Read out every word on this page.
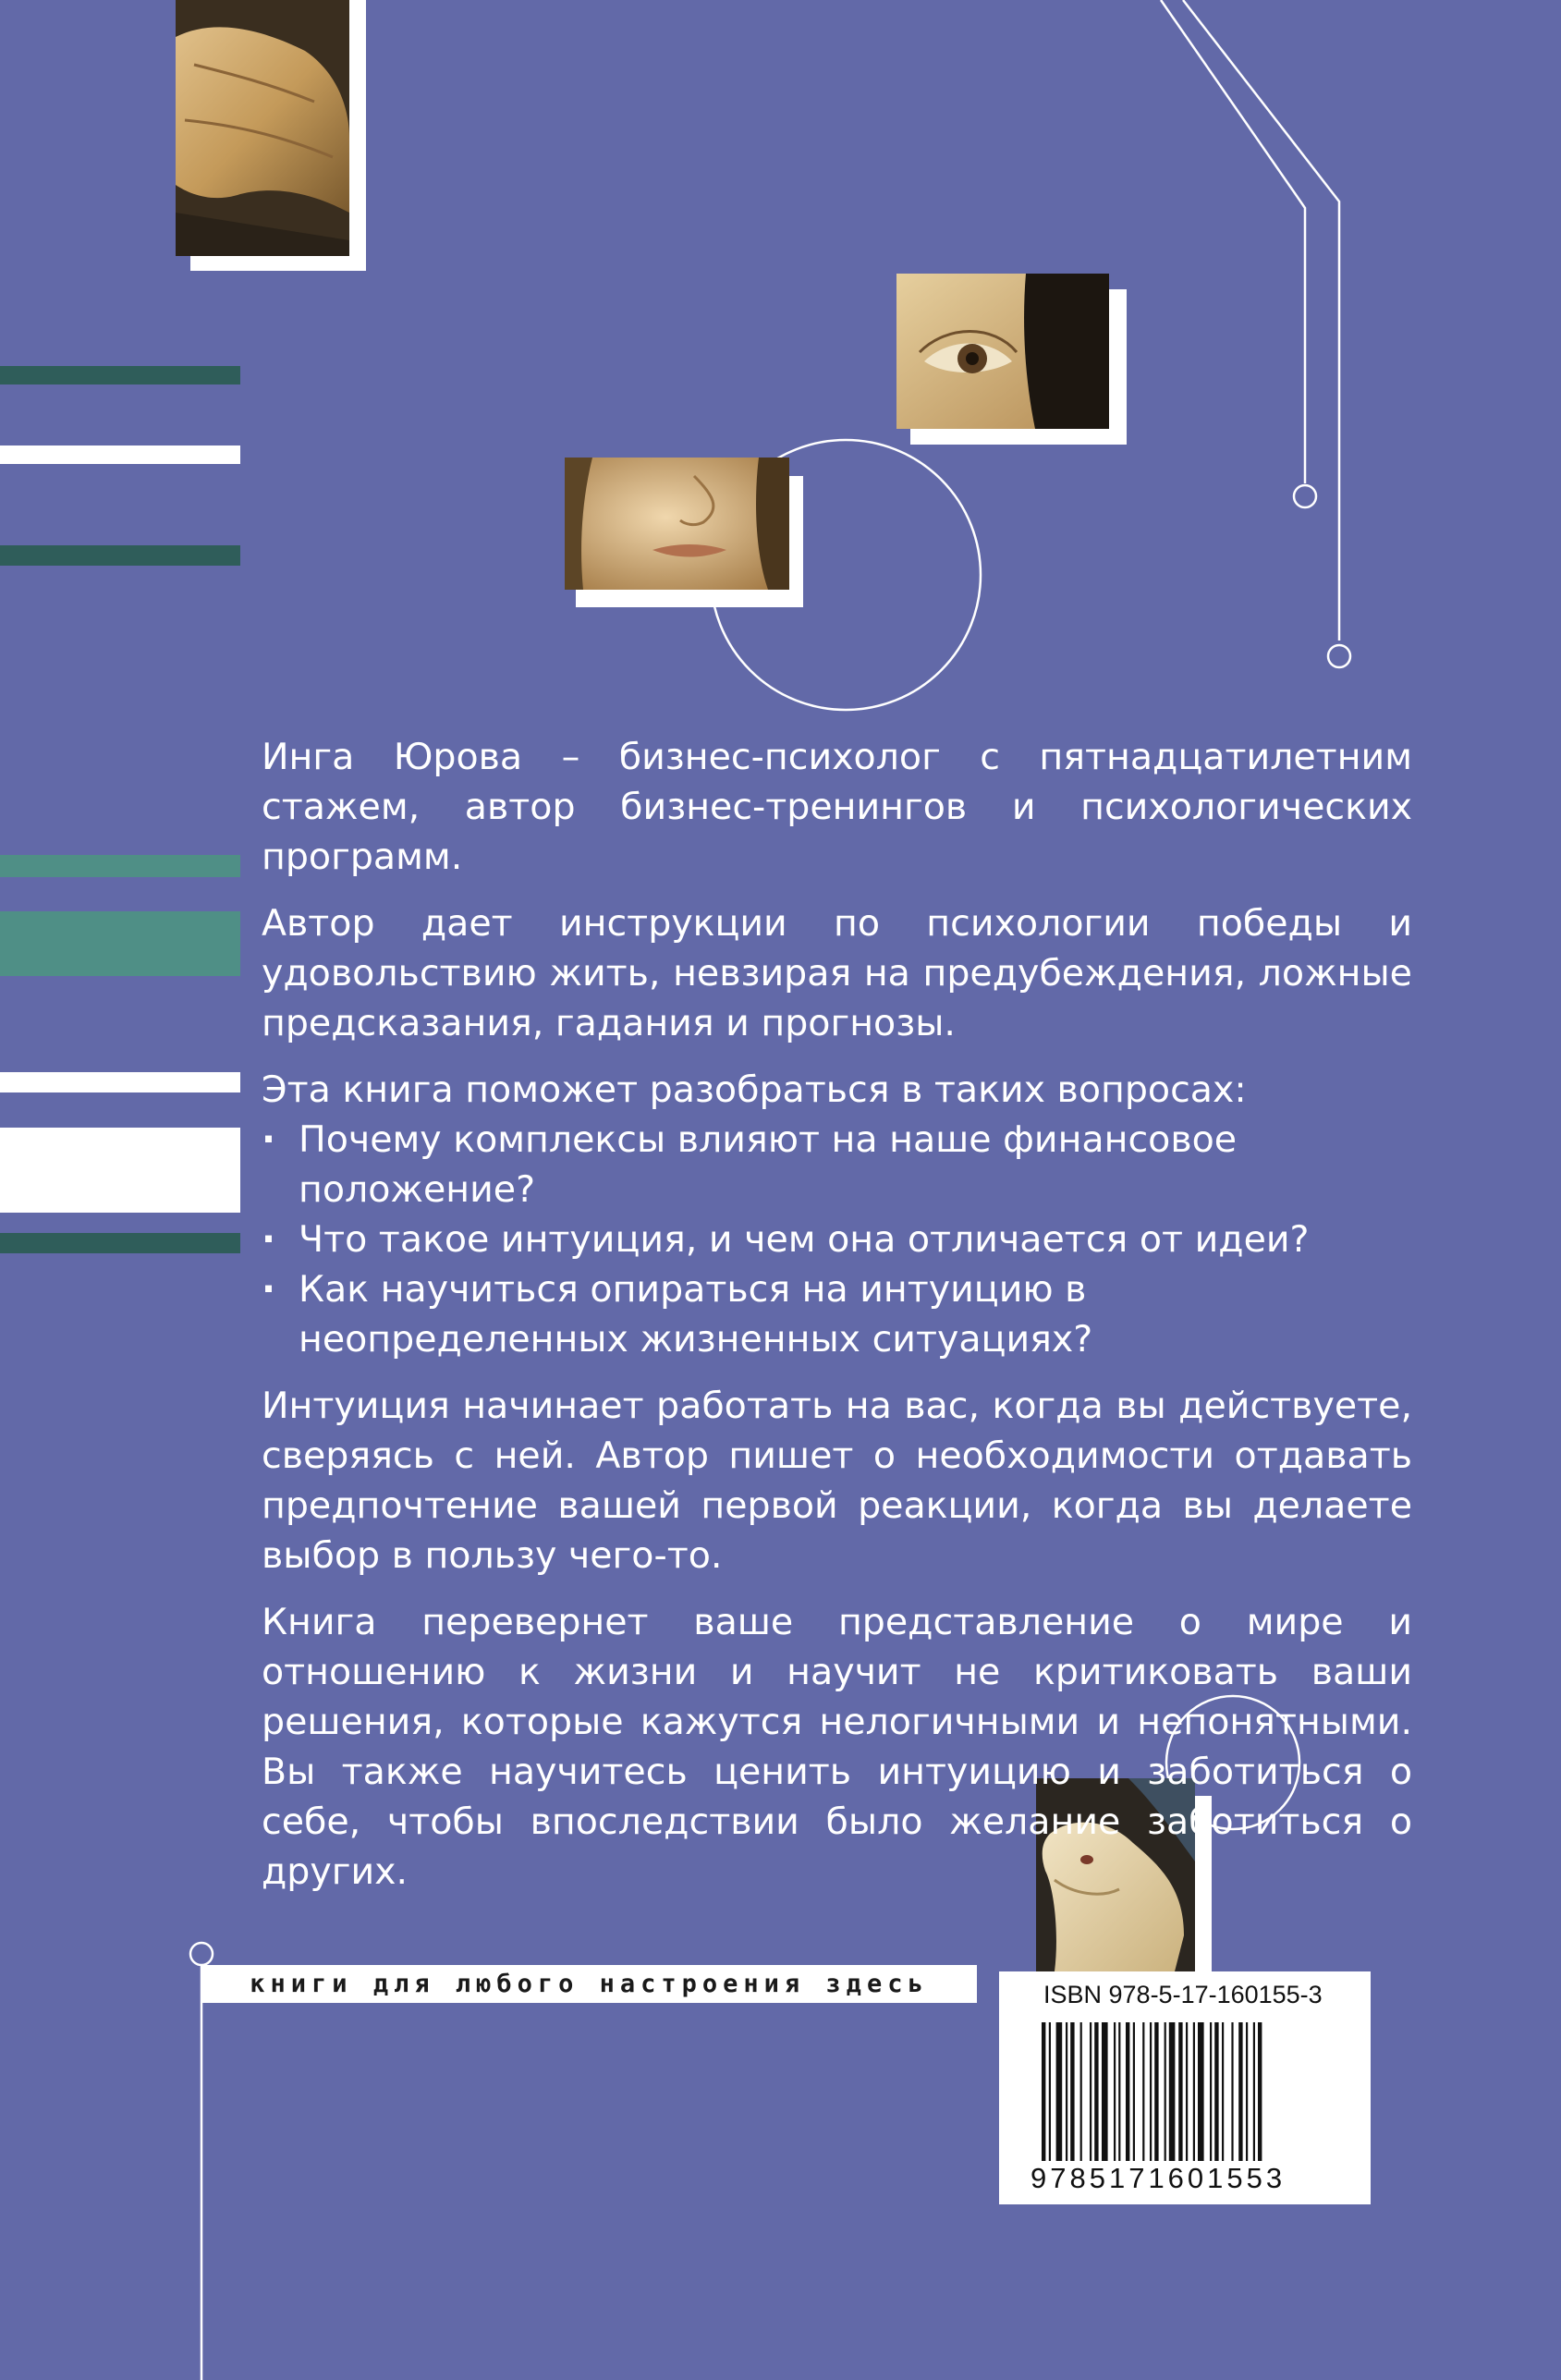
Инга Юрова – бизнес-психолог с пятнадцатилетним стажем, автор бизнес-тренингов и психологических программ.

Автор дает инструкции по психологии победы и удовольствию жить, невзирая на предубеждения, ложные предсказания, гадания и прогнозы.

Эта книга поможет разобраться в таких вопросах:

· Почему комплексы влияют на наше финансовое положение?
· Что такое интуиция, и чем она отличается от идеи?
· Как научиться опираться на интуицию в неопределенных жизненных ситуациях?

Интуиция начинает работать на вас, когда вы действуете, сверяясь с ней. Автор пишет о необходимости отдавать предпочтение вашей первой реакции, когда вы делаете выбор в пользу чего-то.

Книга перевернет ваше представление о мире и отношению к жизни и научит не критиковать ваши решения, которые кажутся нелогичными и непонятными. Вы также научитесь ценить интуицию и заботиться о себе, чтобы впоследствии было желание заботиться о других.

книги для любого настроения здесь	ISBN 978-5-17-160155-3
9785171601553
